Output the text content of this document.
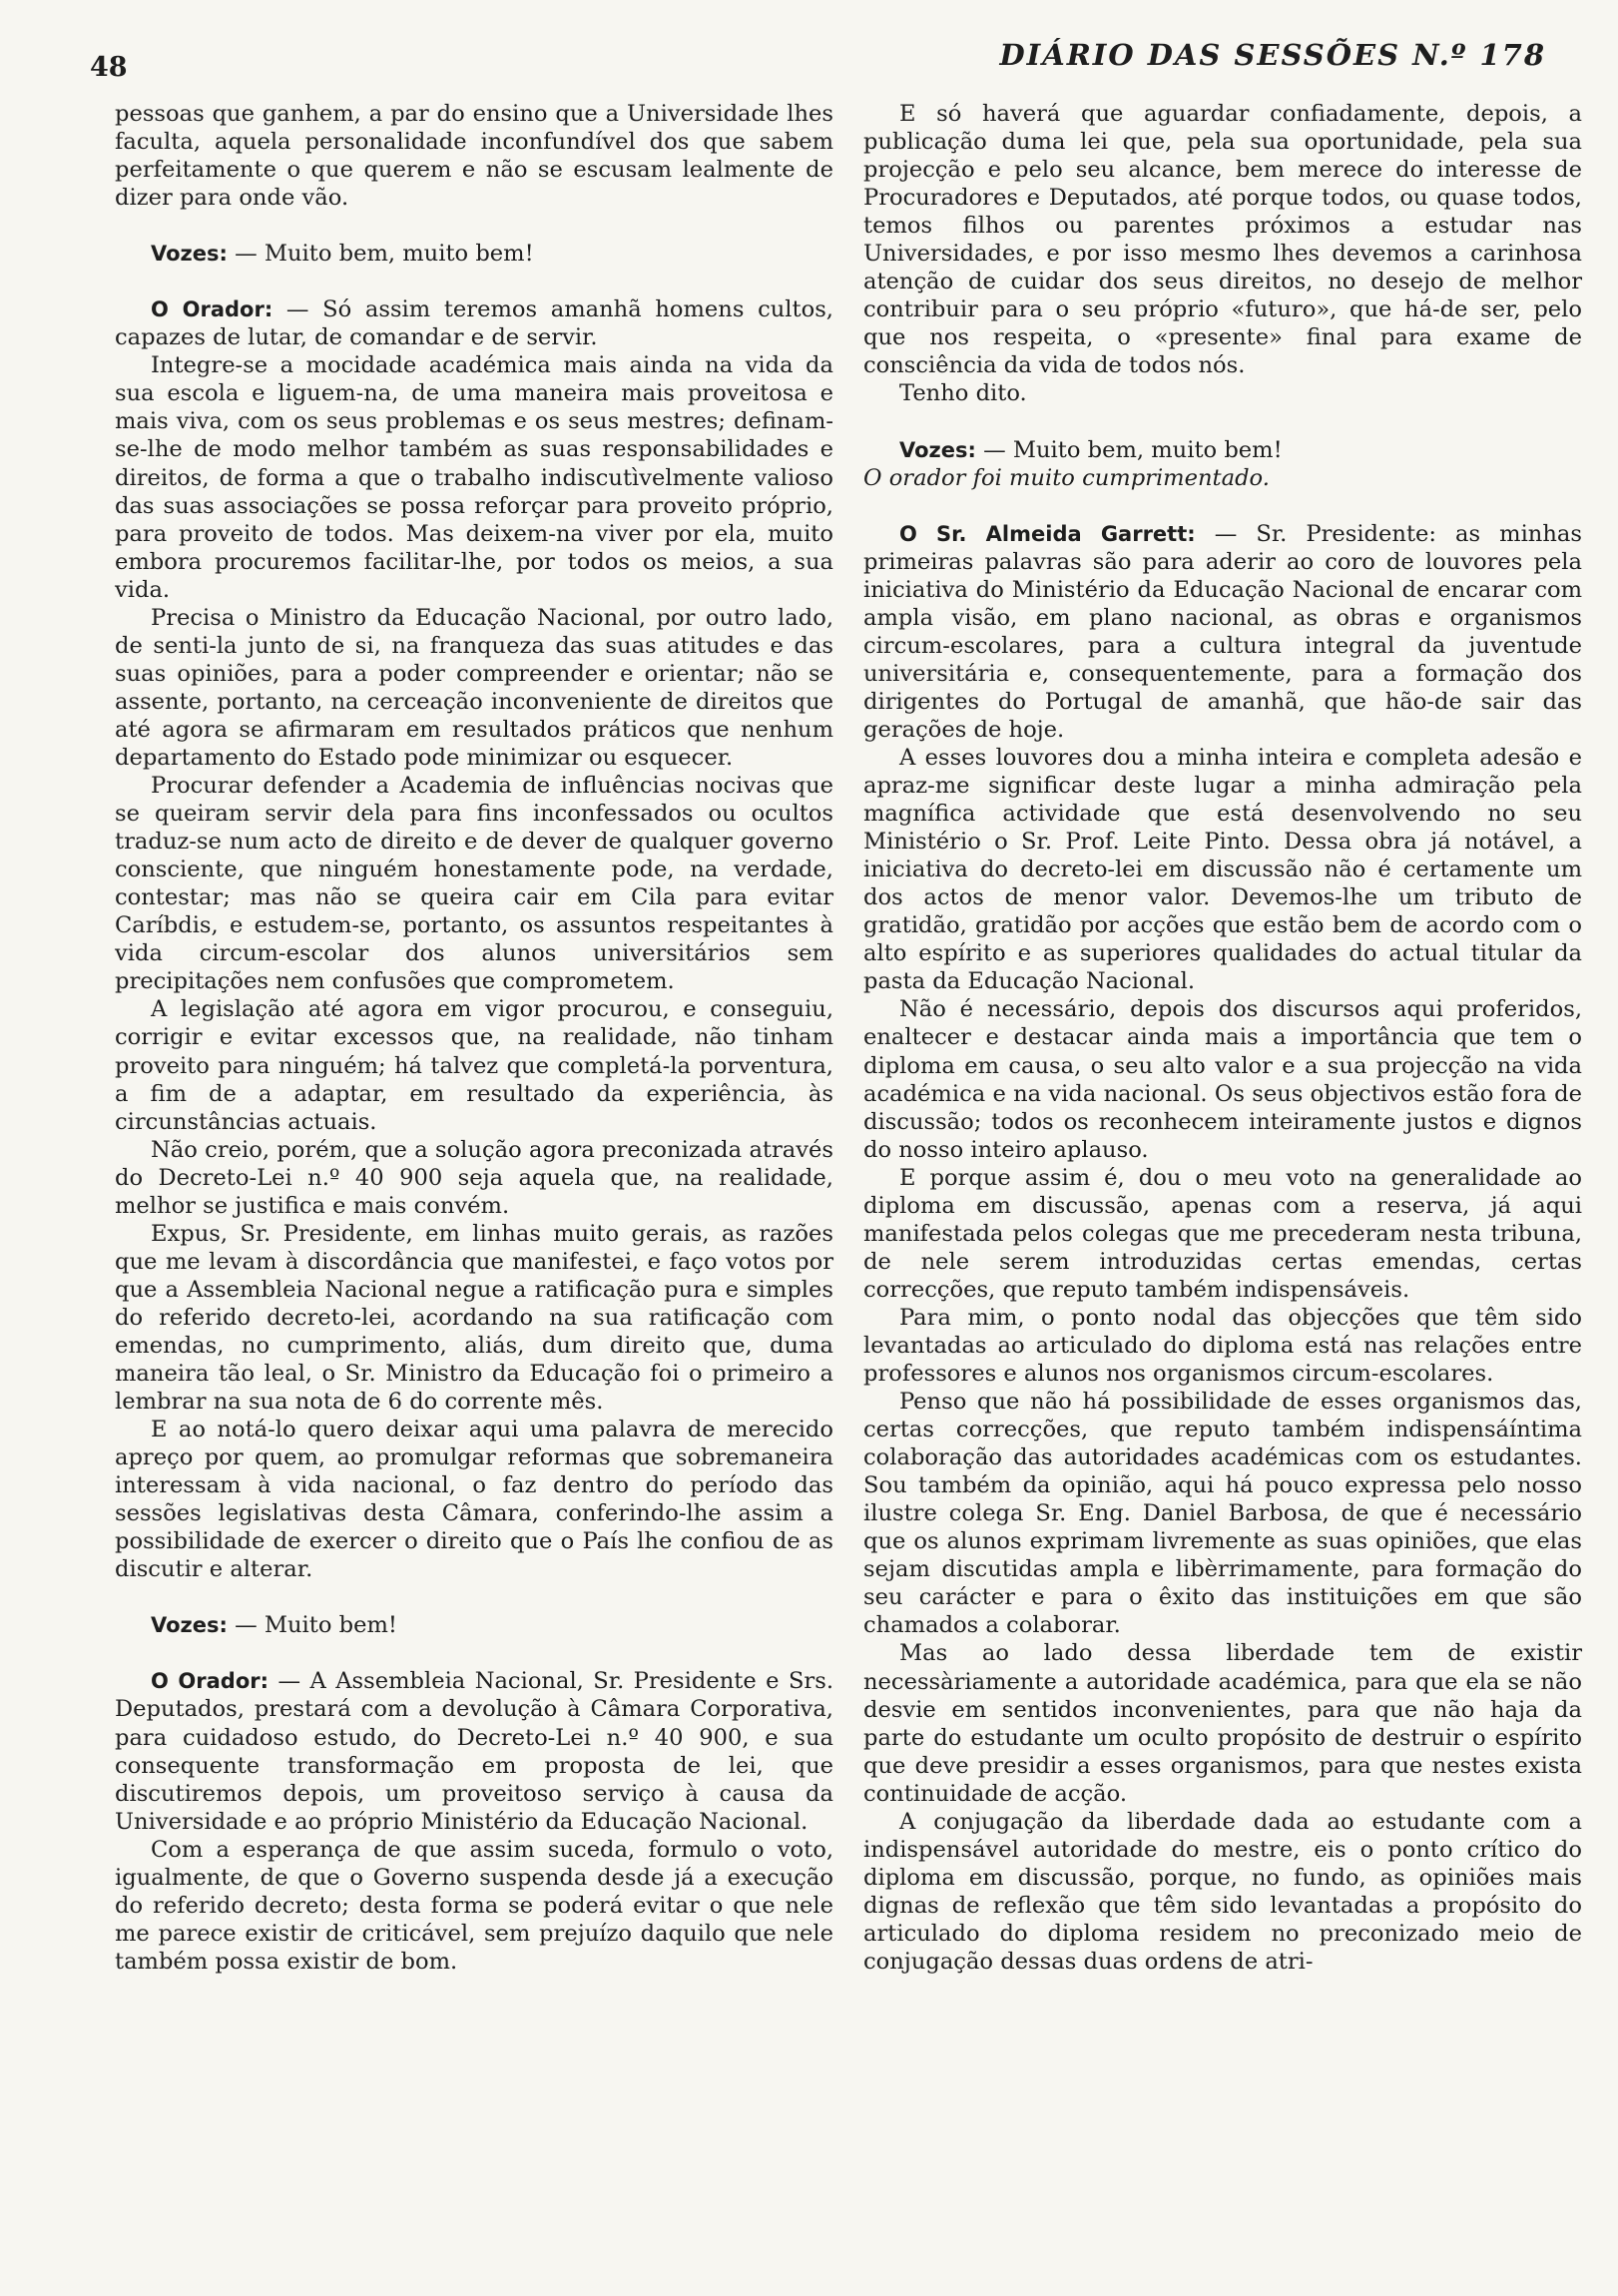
48	DIÁRIO DAS SESSÕES N.º 178

pessoas que ganhem, a par do ensino que a Universidade lhes faculta, aquela personalidade inconfundível dos que sabem perfeitamente o que querem e não se escusam lealmente de dizer para onde vão.

Vozes: — Muito bem, muito bem!

O Orador: — Só assim teremos amanhã homens cultos, capazes de lutar, de comandar e de servir.

Integre-se a mocidade académica mais ainda na vida da sua escola e liguem-na, de uma maneira mais proveitosa e mais viva, com os seus problemas e os seus mestres; definam-se-lhe de modo melhor também as suas responsabilidades e direitos, de forma a que o trabalho indiscutìvelmente valioso das suas associações se possa reforçar para proveito próprio, para proveito de todos. Mas deixem-na viver por ela, muito embora procuremos facilitar-lhe, por todos os meios, a sua vida.

Precisa o Ministro da Educação Nacional, por outro lado, de senti-la junto de si, na franqueza das suas atitudes e das suas opiniões, para a poder compreender e orientar; não se assente, portanto, na cerceação inconveniente de direitos que até agora se afirmaram em resultados práticos que nenhum departamento do Estado pode minimizar ou esquecer.

Procurar defender a Academia de influências nocivas que se queiram servir dela para fins inconfessados ou ocultos traduz-se num acto de direito e de dever de qualquer governo consciente, que ninguém honestamente pode, na verdade, contestar; mas não se queira cair em Cila para evitar Caríbdis, e estudem-se, portanto, os assuntos respeitantes à vida circum-escolar dos alunos universitários sem precipitações nem confusões que comprometem.

A legislação até agora em vigor procurou, e conseguiu, corrigir e evitar excessos que, na realidade, não tinham proveito para ninguém; há talvez que completá-la porventura, a fim de a adaptar, em resultado da experiência, às circunstâncias actuais.

Não creio, porém, que a solução agora preconizada através do Decreto-Lei n.º 40 900 seja aquela que, na realidade, melhor se justifica e mais convém.

Expus, Sr. Presidente, em linhas muito gerais, as razões que me levam à discordância que manifestei, e faço votos por que a Assembleia Nacional negue a ratificação pura e simples do referido decreto-lei, acordando na sua ratificação com emendas, no cumprimento, aliás, dum direito que, duma maneira tão leal, o Sr. Ministro da Educação foi o primeiro a lembrar na sua nota de 6 do corrente mês.

E ao notá-lo quero deixar aqui uma palavra de merecido apreço por quem, ao promulgar reformas que sobremaneira interessam à vida nacional, o faz dentro do período das sessões legislativas desta Câmara, conferindo-lhe assim a possibilidade de exercer o direito que o País lhe confiou de as discutir e alterar.

Vozes: — Muito bem!

O Orador: — A Assembleia Nacional, Sr. Presidente e Srs. Deputados, prestará com a devolução à Câmara Corporativa, para cuidadoso estudo, do Decreto-Lei n.º 40 900, e sua consequente transformação em proposta de lei, que discutiremos depois, um proveitoso serviço à causa da Universidade e ao próprio Ministério da Educação Nacional.

Com a esperança de que assim suceda, formulo o voto, igualmente, de que o Governo suspenda desde já a execução do referido decreto; desta forma se poderá evitar o que nele me parece existir de criticável, sem prejuízo daquilo que nele também possa existir de bom.

E só haverá que aguardar confiadamente, depois, a publicação duma lei que, pela sua oportunidade, pela sua projecção e pelo seu alcance, bem merece do interesse de Procuradores e Deputados, até porque todos, ou quase todos, temos filhos ou parentes próximos a estudar nas Universidades, e por isso mesmo lhes devemos a carinhosa atenção de cuidar dos seus direitos, no desejo de melhor contribuir para o seu próprio «futuro», que há-de ser, pelo que nos respeita, o «presente» final para exame de consciência da vida de todos nós.

Tenho dito.

Vozes: — Muito bem, muito bem!

O orador foi muito cumprimentado.

O Sr. Almeida Garrett: — Sr. Presidente: as minhas primeiras palavras são para aderir ao coro de louvores pela iniciativa do Ministério da Educação Nacional de encarar com ampla visão, em plano nacional, as obras e organismos circum-escolares, para a cultura integral da juventude universitária e, consequentemente, para a formação dos dirigentes do Portugal de amanhã, que hão-de sair das gerações de hoje.

A esses louvores dou a minha inteira e completa adesão e apraz-me significar deste lugar a minha admiração pela magnífica actividade que está desenvolvendo no seu Ministério o Sr. Prof. Leite Pinto. Dessa obra já notável, a iniciativa do decreto-lei em discussão não é certamente um dos actos de menor valor. Devemos-lhe um tributo de gratidão, gratidão por acções que estão bem de acordo com o alto espírito e as superiores qualidades do actual titular da pasta da Educação Nacional.

Não é necessário, depois dos discursos aqui proferidos, enaltecer e destacar ainda mais a importância que tem o diploma em causa, o seu alto valor e a sua projecção na vida académica e na vida nacional. Os seus objectivos estão fora de discussão; todos os reconhecem inteiramente justos e dignos do nosso inteiro aplauso.

E porque assim é, dou o meu voto na generalidade ao diploma em discussão, apenas com a reserva, já aqui manifestada pelos colegas que me precederam nesta tribuna, de nele serem introduzidas certas emendas, certas correcções, que reputo também indispensáveis.

Para mim, o ponto nodal das objecções que têm sido levantadas ao articulado do diploma está nas relações entre professores e alunos nos organismos circum-escolares.

Penso que não há possibilidade de esses organismos das, certas correcções, que reputo também indispensáíntima colaboração das autoridades académicas com os estudantes. Sou também da opinião, aqui há pouco expressa pelo nosso ilustre colega Sr. Eng. Daniel Barbosa, de que é necessário que os alunos exprimam livremente as suas opiniões, que elas sejam discutidas ampla e libèrrimamente, para formação do seu carácter e para o êxito das instituições em que são chamados a colaborar.

Mas ao lado dessa liberdade tem de existir necessàriamente a autoridade académica, para que ela se não desvie em sentidos inconvenientes, para que não haja da parte do estudante um oculto propósito de destruir o espírito que deve presidir a esses organismos, para que nestes exista continuidade de acção.

A conjugação da liberdade dada ao estudante com a indispensável autoridade do mestre, eis o ponto crítico do diploma em discussão, porque, no fundo, as opiniões mais dignas de reflexão que têm sido levantadas a propósito do articulado do diploma residem no preconizado meio de conjugação dessas duas ordens de atri-
